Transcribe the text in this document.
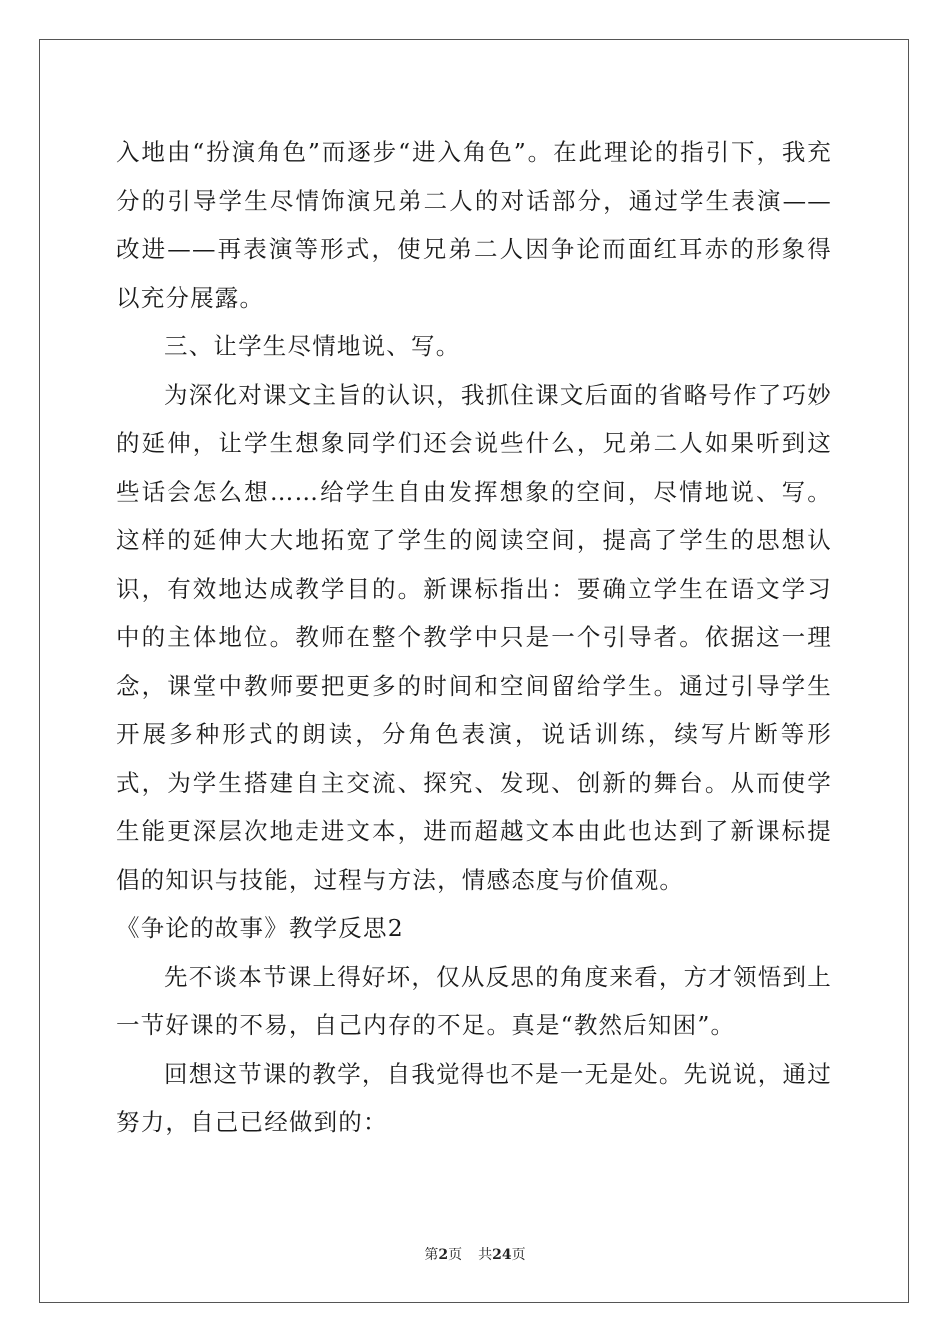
入地由“扮演角色”而逐步“进入角色”。在此理论的指引下，我充分的引导学生尽情饰演兄弟二人的对话部分，通过学生表演——改进——再表演等形式，使兄弟二人因争论而面红耳赤的形象得以充分展露。

三、让学生尽情地说、写。

为深化对课文主旨的认识，我抓住课文后面的省略号作了巧妙的延伸，让学生想象同学们还会说些什么，兄弟二人如果听到这些话会怎么想……给学生自由发挥想象的空间，尽情地说、写。这样的延伸大大地拓宽了学生的阅读空间，提高了学生的思想认识，有效地达成教学目的。新课标指出：要确立学生在语文学习中的主体地位。教师在整个教学中只是一个引导者。依据这一理念，课堂中教师要把更多的时间和空间留给学生。通过引导学生开展多种形式的朗读，分角色表演，说话训练，续写片断等形式，为学生搭建自主交流、探究、发现、创新的舞台。从而使学生能更深层次地走进文本，进而超越文本由此也达到了新课标提倡的知识与技能，过程与方法，情感态度与价值观。

《争论的故事》教学反思2

先不谈本节课上得好坏，仅从反思的角度来看，方才领悟到上一节好课的不易，自己内存的不足。真是“教然后知困”。

回想这节课的教学，自我觉得也不是一无是处。先说说，通过努力，自己已经做到的：

第2页 共24页
